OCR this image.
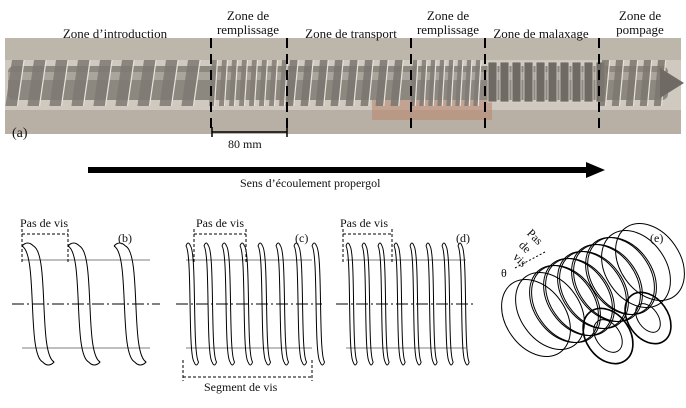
Zone d’introduction
Zone de
remplissage	Zone de transport
Zone de
remplissage	Zone de malaxage
Zone de
pompage
(a)
80 mm
Sens d’écoulement propergol
Pas de vis
(b)
Pas de vis
(c)
Segment de vis
Pas de vis
(d)	(e)
Pas
de
vis
θ
